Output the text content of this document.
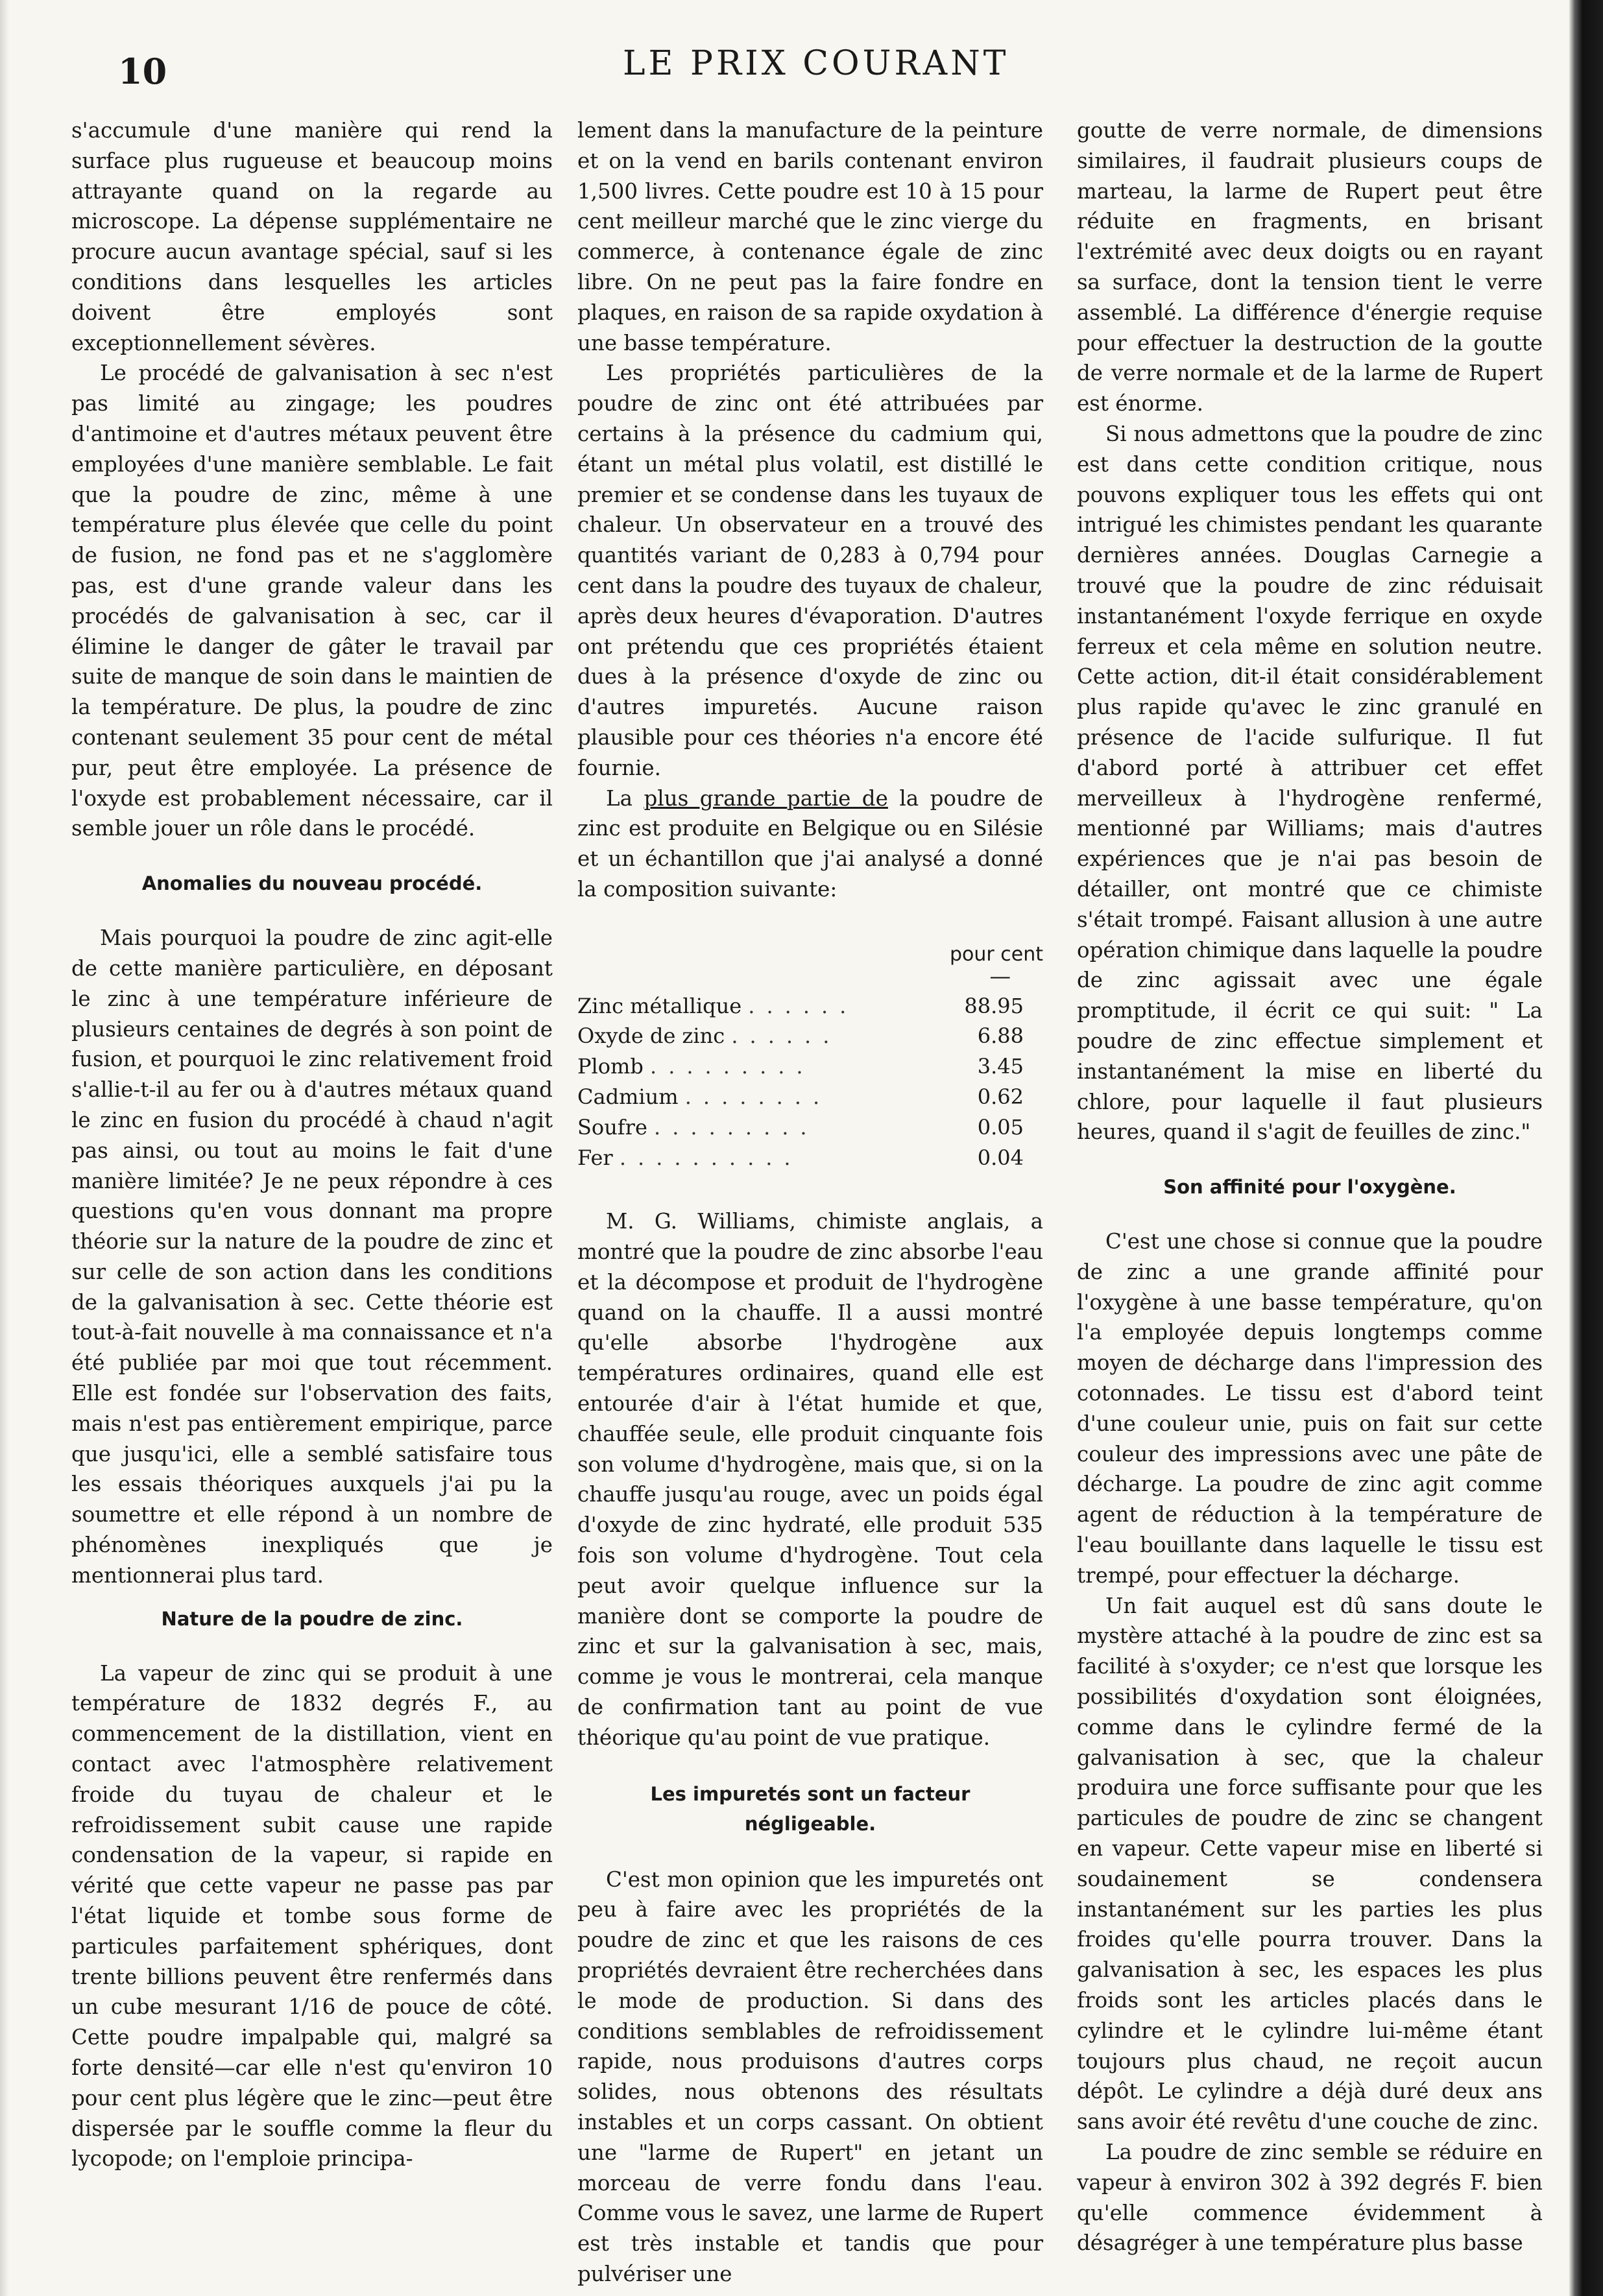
10	LE PRIX COURANT

s'accumule d'une manière qui rend la surface plus rugueuse et beaucoup moins attrayante quand on la regarde au microscope. La dépense supplémentaire ne procure aucun avantage spécial, sauf si les conditions dans lesquelles les articles doivent être employés sont exceptionnellement sévères.

Le procédé de galvanisation à sec n'est pas limité au zingage; les poudres d'antimoine et d'autres métaux peuvent être employées d'une manière semblable. Le fait que la poudre de zinc, même à une température plus élevée que celle du point de fusion, ne fond pas et ne s'agglomère pas, est d'une grande valeur dans les procédés de galvanisation à sec, car il élimine le danger de gâter le travail par suite de manque de soin dans le maintien de la température. De plus, la poudre de zinc contenant seulement 35 pour cent de métal pur, peut être employée. La présence de l'oxyde est probablement nécessaire, car il semble jouer un rôle dans le procédé.

Anomalies du nouveau procédé.

Mais pourquoi la poudre de zinc agit-elle de cette manière particulière, en déposant le zinc à une température inférieure de plusieurs centaines de degrés à son point de fusion, et pourquoi le zinc relativement froid s'allie-t-il au fer ou à d'autres métaux quand le zinc en fusion du procédé à chaud n'agit pas ainsi, ou tout au moins le fait d'une manière limitée? Je ne peux répondre à ces questions qu'en vous donnant ma propre théorie sur la nature de la poudre de zinc et sur celle de son action dans les conditions de la galvanisation à sec. Cette théorie est tout-à-fait nouvelle à ma connaissance et n'a été publiée par moi que tout récemment. Elle est fondée sur l'observation des faits, mais n'est pas entièrement empirique, parce que jusqu'ici, elle a semblé satisfaire tous les essais théoriques auxquels j'ai pu la soumettre et elle répond à un nombre de phénomènes inexpliqués que je mentionnerai plus tard.

Nature de la poudre de zinc.

La vapeur de zinc qui se produit à une température de 1832 degrés F., au commencement de la distillation, vient en contact avec l'atmosphère relativement froide du tuyau de chaleur et le refroidissement subit cause une rapide condensation de la vapeur, si rapide en vérité que cette vapeur ne passe pas par l'état liquide et tombe sous forme de particules parfaitement sphériques, dont trente billions peuvent être renfermés dans un cube mesurant 1/16 de pouce de côté. Cette poudre impalpable qui, malgré sa forte densité—car elle n'est qu'environ 10 pour cent plus légère que le zinc—peut être dispersée par le souffle comme la fleur du lycopode; on l'emploie principa-

lement dans la manufacture de la peinture et on la vend en barils contenant environ 1,500 livres. Cette poudre est 10 à 15 pour cent meilleur marché que le zinc vierge du commerce, à contenance égale de zinc libre. On ne peut pas la faire fondre en plaques, en raison de sa rapide oxydation à une basse température.

Les propriétés particulières de la poudre de zinc ont été attribuées par certains à la présence du cadmium qui, étant un métal plus volatil, est distillé le premier et se condense dans les tuyaux de chaleur. Un observateur en a trouvé des quantités variant de 0,283 à 0,794 pour cent dans la poudre des tuyaux de chaleur, après deux heures d'évaporation. D'autres ont prétendu que ces propriétés étaient dues à la présence d'oxyde de zinc ou d'autres impuretés. Aucune raison plausible pour ces théories n'a encore été fournie.

La plus grande partie de la poudre de zinc est produite en Belgique ou en Silésie et un échantillon que j'ai analysé a donné la composition suivante:

pour cent
—
Zinc métallique ......	88.95
Oxyde de zinc ......	6.88
Plomb .........	3.45
Cadmium ........	0.62
Soufre .........	0.05
Fer ..........	0.04

M. G. Williams, chimiste anglais, a montré que la poudre de zinc absorbe l'eau et la décompose et produit de l'hydrogène quand on la chauffe. Il a aussi montré qu'elle absorbe l'hydrogène aux températures ordinaires, quand elle est entourée d'air à l'état humide et que, chauffée seule, elle produit cinquante fois son volume d'hydrogène, mais que, si on la chauffe jusqu'au rouge, avec un poids égal d'oxyde de zinc hydraté, elle produit 535 fois son volume d'hydrogène. Tout cela peut avoir quelque influence sur la manière dont se comporte la poudre de zinc et sur la galvanisation à sec, mais, comme je vous le montrerai, cela manque de confirmation tant au point de vue théorique qu'au point de vue pratique.

Les impuretés sont un facteur négligeable.

C'est mon opinion que les impuretés ont peu à faire avec les propriétés de la poudre de zinc et que les raisons de ces propriétés devraient être recherchées dans le mode de production. Si dans des conditions semblables de refroidissement rapide, nous produisons d'autres corps solides, nous obtenons des résultats instables et un corps cassant. On obtient une "larme de Rupert" en jetant un morceau de verre fondu dans l'eau. Comme vous le savez, une larme de Rupert est très instable et tandis que pour pulvériser une

goutte de verre normale, de dimensions similaires, il faudrait plusieurs coups de marteau, la larme de Rupert peut être réduite en fragments, en brisant l'extrémité avec deux doigts ou en rayant sa surface, dont la tension tient le verre assemblé. La différence d'énergie requise pour effectuer la destruction de la goutte de verre normale et de la larme de Rupert est énorme.

Si nous admettons que la poudre de zinc est dans cette condition critique, nous pouvons expliquer tous les effets qui ont intrigué les chimistes pendant les quarante dernières années. Douglas Carnegie a trouvé que la poudre de zinc réduisait instantanément l'oxyde ferrique en oxyde ferreux et cela même en solution neutre. Cette action, dit-il était considérablement plus rapide qu'avec le zinc granulé en présence de l'acide sulfurique. Il fut d'abord porté à attribuer cet effet merveilleux à l'hydrogène renfermé, mentionné par Williams; mais d'autres expériences que je n'ai pas besoin de détailler, ont montré que ce chimiste s'était trompé. Faisant allusion à une autre opération chimique dans laquelle la poudre de zinc agissait avec une égale promptitude, il écrit ce qui suit: " La poudre de zinc effectue simplement et instantanément la mise en liberté du chlore, pour laquelle il faut plusieurs heures, quand il s'agit de feuilles de zinc."

Son affinité pour l'oxygène.

C'est une chose si connue que la poudre de zinc a une grande affinité pour l'oxygène à une basse température, qu'on l'a employée depuis longtemps comme moyen de décharge dans l'impression des cotonnades. Le tissu est d'abord teint d'une couleur unie, puis on fait sur cette couleur des impressions avec une pâte de décharge. La poudre de zinc agit comme agent de réduction à la température de l'eau bouillante dans laquelle le tissu est trempé, pour effectuer la décharge.

Un fait auquel est dû sans doute le mystère attaché à la poudre de zinc est sa facilité à s'oxyder; ce n'est que lorsque les possibilités d'oxydation sont éloignées, comme dans le cylindre fermé de la galvanisation à sec, que la chaleur produira une force suffisante pour que les particules de poudre de zinc se changent en vapeur. Cette vapeur mise en liberté si soudainement se condensera instantanément sur les parties les plus froides qu'elle pourra trouver. Dans la galvanisation à sec, les espaces les plus froids sont les articles placés dans le cylindre et le cylindre lui-même étant toujours plus chaud, ne reçoit aucun dépôt. Le cylindre a déjà duré deux ans sans avoir été revêtu d'une couche de zinc.

La poudre de zinc semble se réduire en vapeur à environ 302 à 392 degrés F. bien qu'elle commence évidemment à désagréger à une température plus basse
